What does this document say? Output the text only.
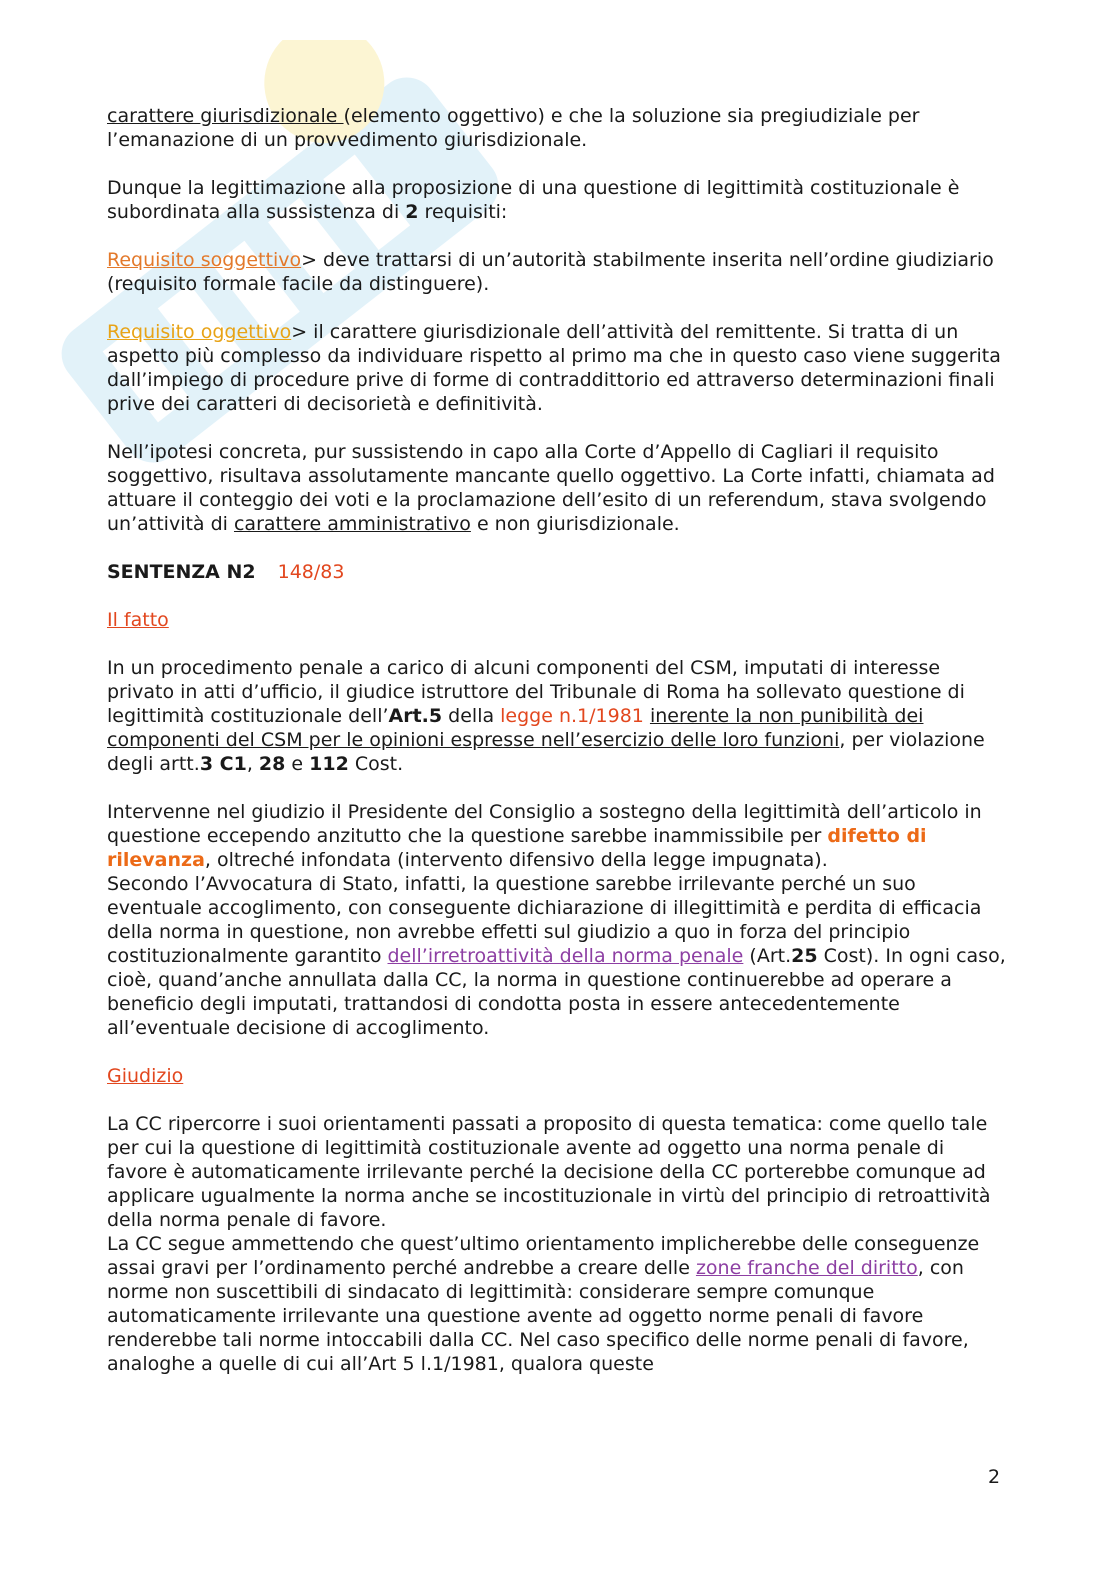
carattere giurisdizionale (elemento oggettivo) e che la soluzione sia pregiudiziale per l’emanazione di un provvedimento giurisdizionale.

Dunque la legittimazione alla proposizione di una questione di legittimità costituzionale è subordinata alla sussistenza di 2 requisiti:

Requisito soggettivo> deve trattarsi di un’autorità stabilmente inserita nell’ordine giudiziario (requisito formale facile da distinguere).

Requisito oggettivo> il carattere giurisdizionale dell’attività del remittente. Si tratta di un aspetto più complesso da individuare rispetto al primo ma che in questo caso viene suggerita dall’impiego di procedure prive di forme di contraddittorio ed attraverso determinazioni finali prive dei caratteri di decisorietà e definitività.

Nell’ipotesi concreta, pur sussistendo in capo alla Corte d’Appello di Cagliari il requisito soggettivo, risultava assolutamente mancante quello oggettivo. La Corte infatti, chiamata ad attuare il conteggio dei voti e la proclamazione dell’esito di un referendum, stava svolgendo un’attività di carattere amministrativo e non giurisdizionale.

SENTENZA N2 148/83

Il fatto

In un procedimento penale a carico di alcuni componenti del CSM, imputati di interesse privato in atti d’ufficio, il giudice istruttore del Tribunale di Roma ha sollevato questione di legittimità costituzionale dell’Art.5 della legge n.1/1981 inerente la non punibilità dei componenti del CSM per le opinioni espresse nell’esercizio delle loro funzioni, per violazione degli artt.3 C1, 28 e 112 Cost.

Intervenne nel giudizio il Presidente del Consiglio a sostegno della legittimità dell’articolo in questione eccependo anzitutto che la questione sarebbe inammissibile per difetto di rilevanza, oltreché infondata (intervento difensivo della legge impugnata).

Secondo l’Avvocatura di Stato, infatti, la questione sarebbe irrilevante perché un suo eventuale accoglimento, con conseguente dichiarazione di illegittimità e perdita di efficacia della norma in questione, non avrebbe effetti sul giudizio a quo in forza del principio costituzionalmente garantito dell’irretroattività della norma penale (Art.25 Cost). In ogni caso, cioè, quand’anche annullata dalla CC, la norma in questione continuerebbe ad operare a beneficio degli imputati, trattandosi di condotta posta in essere antecedentemente all’eventuale decisione di accoglimento.

Giudizio

La CC ripercorre i suoi orientamenti passati a proposito di questa tematica: come quello tale per cui la questione di legittimità costituzionale avente ad oggetto una norma penale di favore è automaticamente irrilevante perché la decisione della CC porterebbe comunque ad applicare ugualmente la norma anche se incostituzionale in virtù del principio di retroattività della norma penale di favore.

La CC segue ammettendo che quest’ultimo orientamento implicherebbe delle conseguenze assai gravi per l’ordinamento perché andrebbe a creare delle zone franche del diritto, con norme non suscettibili di sindacato di legittimità: considerare sempre comunque automaticamente irrilevante una questione avente ad oggetto norme penali di favore renderebbe tali norme intoccabili dalla CC. Nel caso specifico delle norme penali di favore, analoghe a quelle di cui all’Art 5 l.1/1981, qualora queste

2
